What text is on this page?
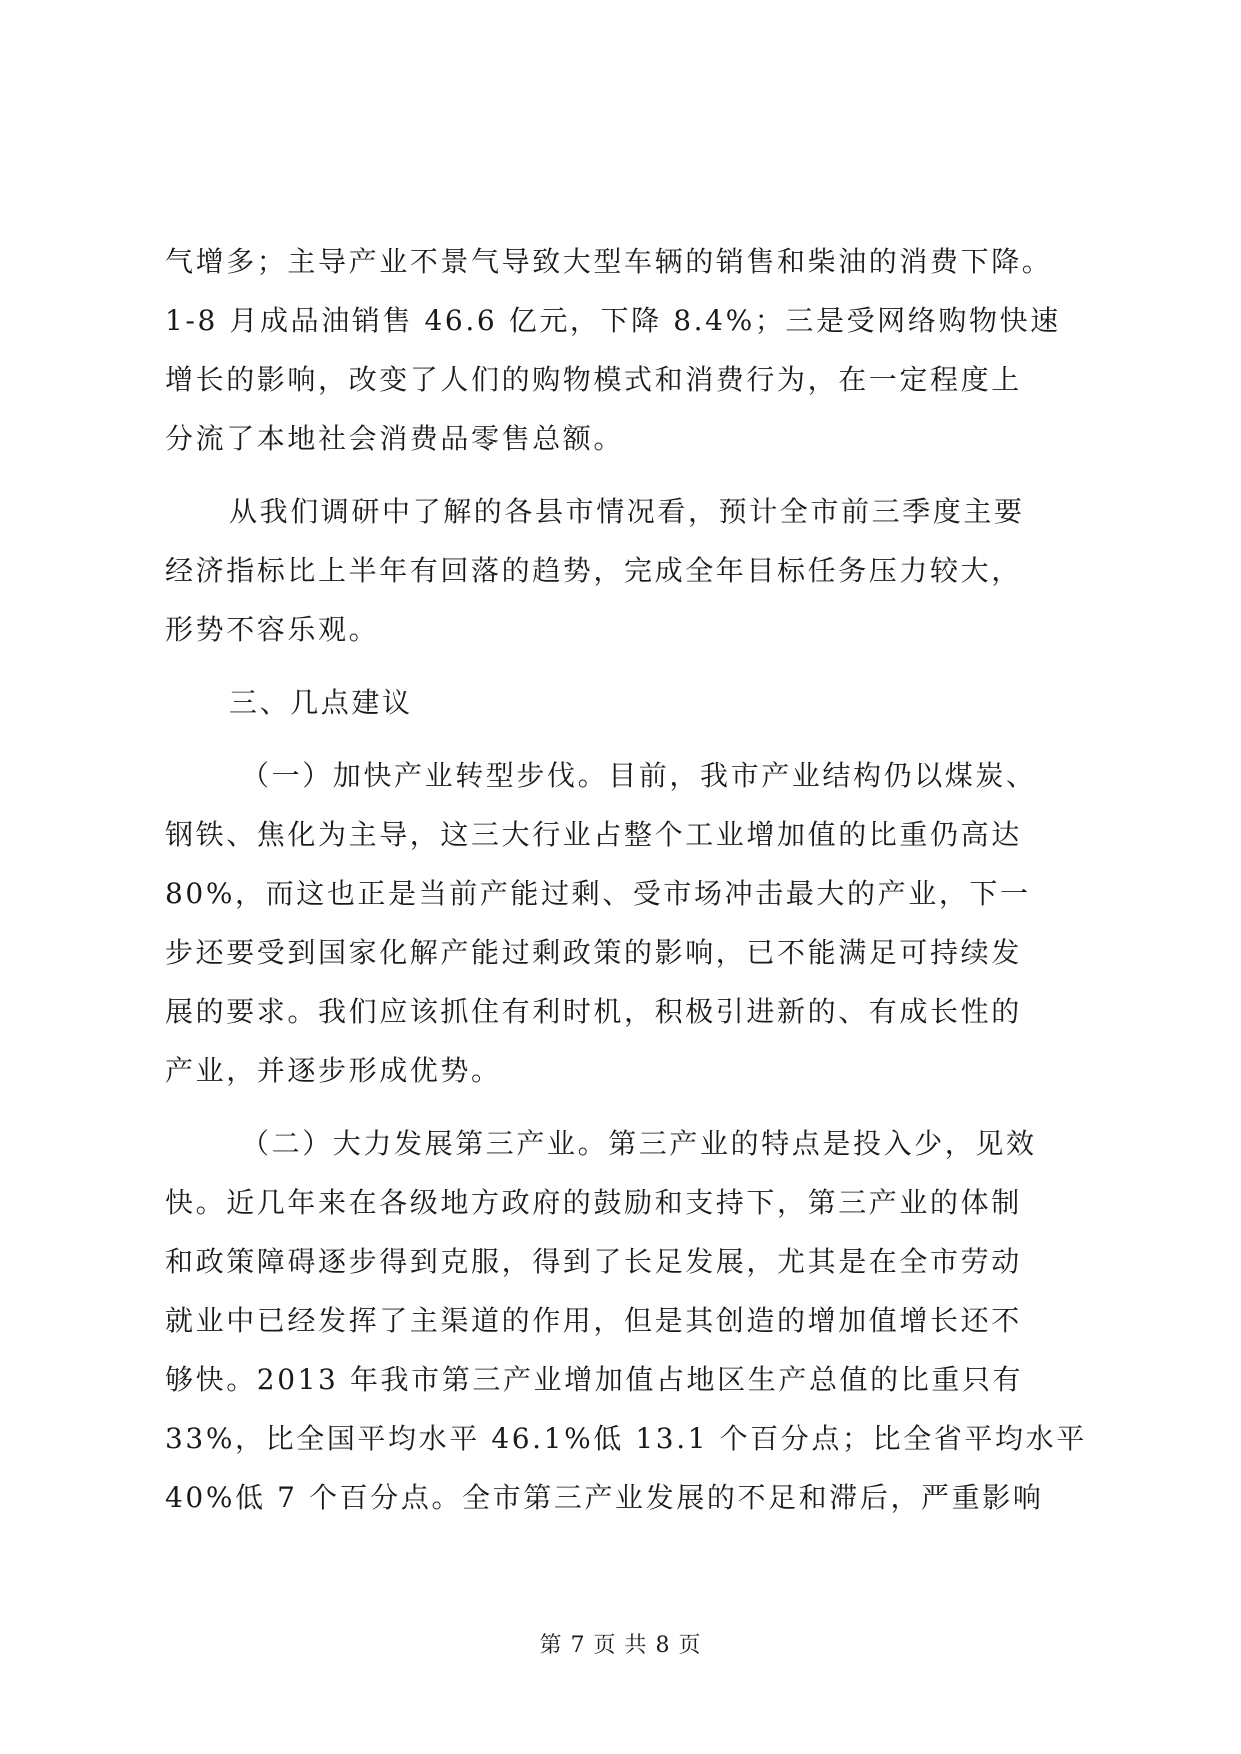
气增多；主导产业不景气导致大型车辆的销售和柴油的消费下降。
1-8 月成品油销售 46.6 亿元，下降 8.4%；三是受网络购物快速
增长的影响，改变了人们的购物模式和消费行为，在一定程度上
分流了本地社会消费品零售总额。
从我们调研中了解的各县市情况看，预计全市前三季度主要
经济指标比上半年有回落的趋势，完成全年目标任务压力较大，
形势不容乐观。
三、几点建议
（一）加快产业转型步伐。目前，我市产业结构仍以煤炭、
钢铁、焦化为主导，这三大行业占整个工业增加值的比重仍高达
80%，而这也正是当前产能过剩、受市场冲击最大的产业，下一
步还要受到国家化解产能过剩政策的影响，已不能满足可持续发
展的要求。我们应该抓住有利时机，积极引进新的、有成长性的
产业，并逐步形成优势。
（二）大力发展第三产业。第三产业的特点是投入少，见效
快。近几年来在各级地方政府的鼓励和支持下，第三产业的体制
和政策障碍逐步得到克服，得到了长足发展，尤其是在全市劳动
就业中已经发挥了主渠道的作用，但是其创造的增加值增长还不
够快。2013 年我市第三产业增加值占地区生产总值的比重只有
33%，比全国平均水平 46.1%低 13.1 个百分点；比全省平均水平
40%低 7 个百分点。全市第三产业发展的不足和滞后，严重影响
第 7 页 共 8 页
